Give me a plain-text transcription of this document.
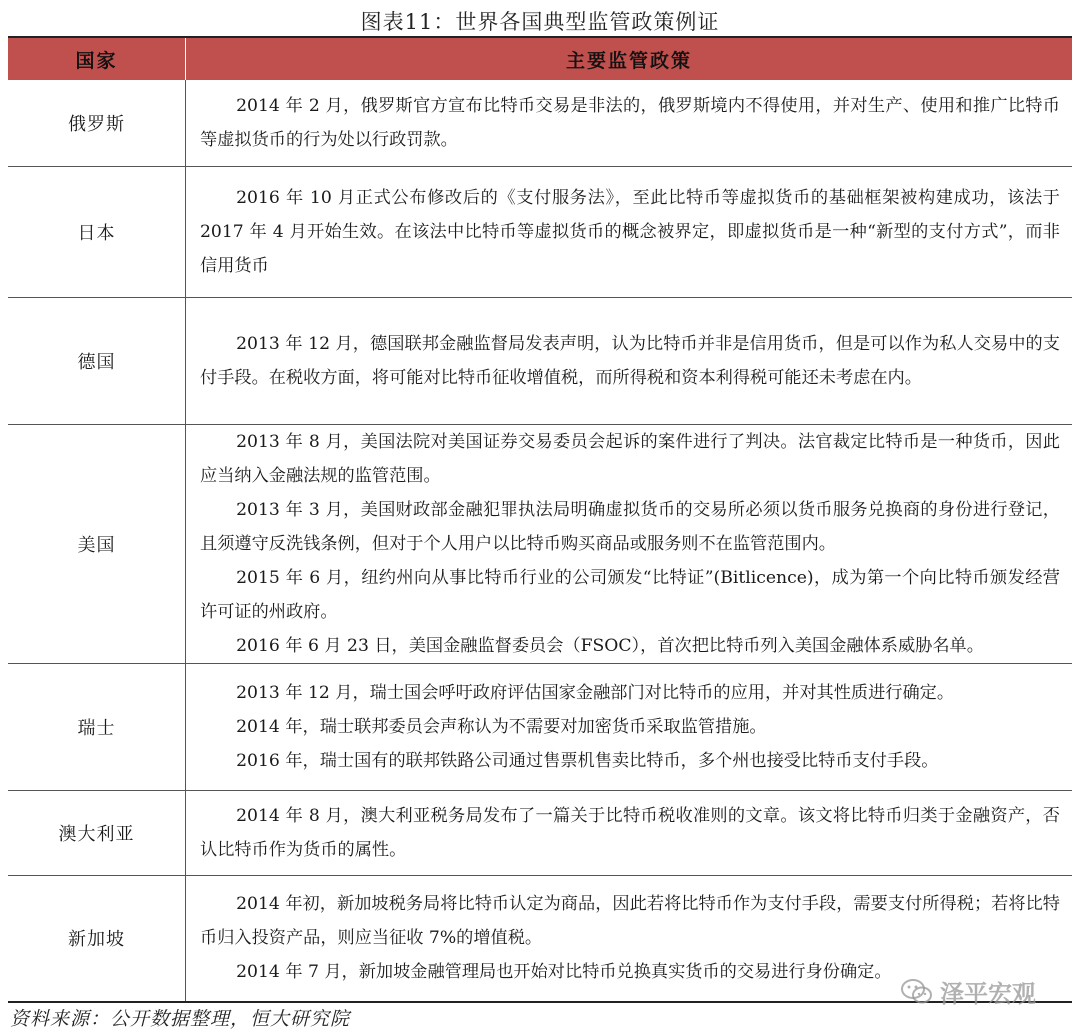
图表11：世界各国典型监管政策例证
国家	主要监管政策
俄罗斯	2014 年 2 月，俄罗斯官方宣布比特币交易是非法的，俄罗斯境内不得使用，并对生产、使用和推广比特币等虚拟货币的行为处以行政罚款。

日本	2016 年 10 月正式公布修改后的《支付服务法》，至此比特币等虚拟货币的基础框架被构建成功，该法于 2017 年 4 月开始生效。在该法中比特币等虚拟货币的概念被界定，即虚拟货币是一种“新型的支付方式”，而非信用货币

德国	2013 年 12 月，德国联邦金融监督局发表声明，认为比特币并非是信用货币，但是可以作为私人交易中的支付手段。在税收方面，将可能对比特币征收增值税，而所得税和资本利得税可能还未考虑在内。

美国	2013 年 8 月，美国法院对美国证券交易委员会起诉的案件进行了判决。法官裁定比特币是一种货币，因此应当纳入金融法规的监管范围。
2013 年 3 月，美国财政部金融犯罪执法局明确虚拟货币的交易所必须以货币服务兑换商的身份进行登记，且须遵守反洗钱条例，但对于个人用户以比特币购买商品或服务则不在监管范围内。
2015 年 6 月，纽约州向从事比特币行业的公司颁发“比特证”(Bitlicence)，成为第一个向比特币颁发经营许可证的州政府。
2016 年 6 月 23 日，美国金融监督委员会（FSOC），首次把比特币列入美国金融体系威胁名单。

瑞士	2013 年 12 月，瑞士国会呼吁政府评估国家金融部门对比特币的应用，并对其性质进行确定。
2014 年，瑞士联邦委员会声称认为不需要对加密货币采取监管措施。
2016 年，瑞士国有的联邦铁路公司通过售票机售卖比特币，多个州也接受比特币支付手段。

澳大利亚	2014 年 8 月，澳大利亚税务局发布了一篇关于比特币税收准则的文章。该文将比特币归类于金融资产，否认比特币作为货币的属性。

新加坡	2014 年初，新加坡税务局将比特币认定为商品，因此若将比特币作为支付手段，需要支付所得税；若将比特币归入投资产品，则应当征收 7%的增值税。
2014 年 7 月，新加坡金融管理局也开始对比特币兑换真实货币的交易进行身份确定。
资料来源：公开数据整理，恒大研究院
泽平宏观
